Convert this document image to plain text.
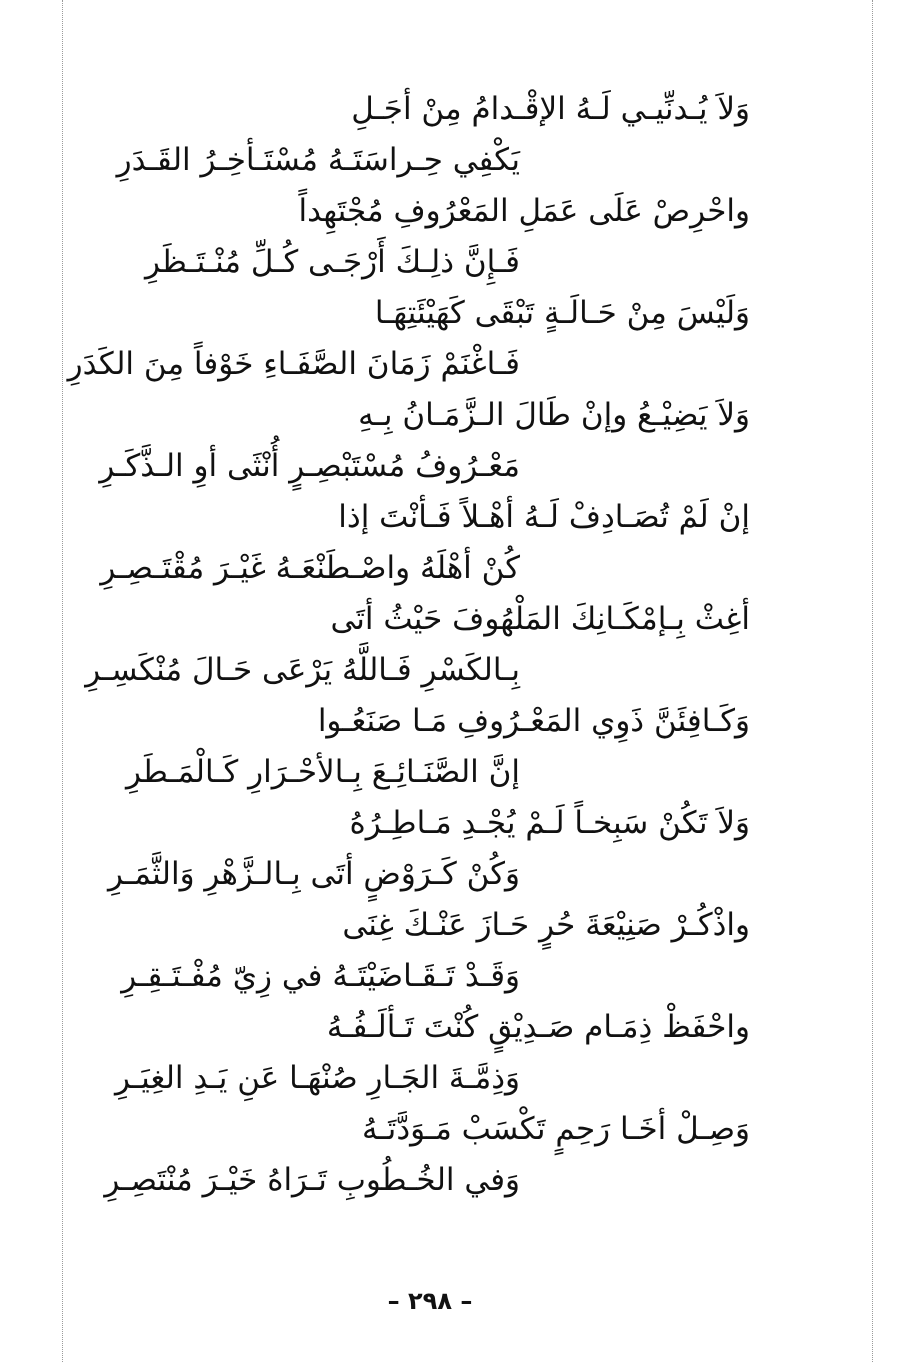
وَلاَ يُـدنِّيـي لَـهُ الإقْـدامُ مِنْ أجَـلِ
يَكْفِي حِـراسَتَـهُ مُسْتَـأخِـرُ القَـدَرِ
واحْرِصْ عَلَى عَمَلِ المَعْرُوفِ مُجْتَهِداً
فَـإِنَّ ذلِـكَ أَرْجَـى كُـلِّ مُنْـتَـظَرِ
وَلَيْسَ مِنْ حَـالَـةٍ تَبْقَى كَهَيْئَتِهَـا
فَـاغْنَمْ زَمَانَ الصَّفَـاءِ خَوْفاً مِنَ الكَدَرِ
وَلاَ يَضِيْـعُ وإنْ طَالَ الـزَّمَـانُ بِـهِ
مَعْـرُوفُ مُسْتَبْصِـرٍ أُنْثَى أوِ الـذَّكَـرِ
إنْ لَمْ تُصَـادِفْ لَـهُ أهْـلاً فَـأنْتَ إذا
كُنْ أهْلَهُ واصْـطَنْعَـهُ غَيْـرَ مُقْتَـصِـرِ
أغِثْ بِـإمْكَـانِكَ المَلْهُوفَ حَيْثُ أتَى
بِـالكَسْرِ فَـاللَّهُ يَرْعَى حَـالَ مُنْكَسِـرِ
وَكَـافِئَنَّ ذَوِي المَعْـرُوفِ مَـا صَنَعُـوا
إنَّ الصَّنَـائِـعَ بِـالأحْـرَارِ كَـالْمَـطَرِ
وَلاَ تَكُنْ سَبِخـاً لَـمْ يُجْـدِ مَـاطِـرُهُ
وَكُنْ كَـرَوْضٍ أتَى بِـالـزَّهْرِ وَالثَّمَـرِ
واذْكُـرْ صَنِيْعَةَ حُرٍ حَـازَ عَنْـكَ غِنَى
وَقَـدْ تَـقَـاضَيْتَـهُ في زِيّ مُفْـتَـقِـرِ
واحْفَظْ ذِمَـام صَـدِيْقٍ كُنْتَ تَـألَـفُـهُ
وَذِمَّـةَ الجَـارِ صُنْهَـا عَنِ يَـدِ الغِيَـرِ
وَصِـلْ أخَـا رَحِمٍ تَكْسَبْ مَـوَدَّتَـهُ
وَفي الخُـطُوبِ تَـرَاهُ خَيْـرَ مُنْتَصِـرِ
– ٢٩٨ –
